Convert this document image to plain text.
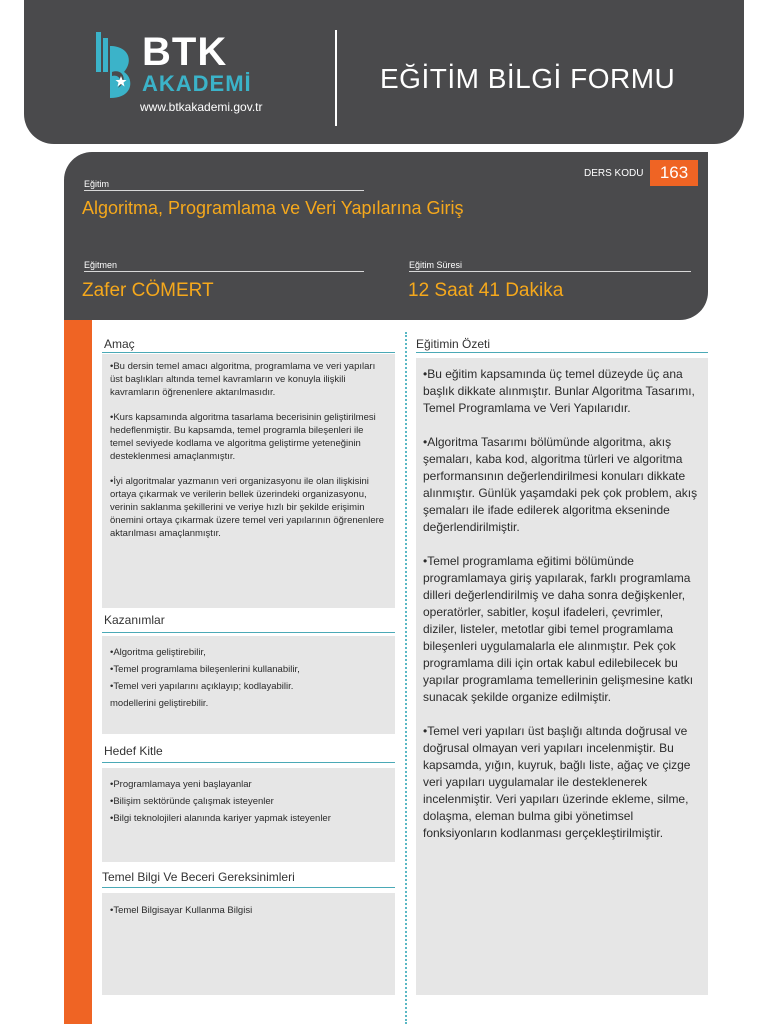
BTK
AKADEMİ
www.btkakademi.gov.tr
EĞİTİM BİLGİ FORMU
DERS KODU 163
Eğitim
Algoritma, Programlama ve Veri Yapılarına Giriş
Eğitmen
Zafer CÖMERT
Eğitim Süresi
12 Saat 41 Dakika
Amaç

•Bu dersin temel amacı algoritma, programlama ve veri yapıları üst başlıkları altında temel kavramların ve konuyla ilişkili kavramların öğrenenlere aktarılmasıdır.

•Kurs kapsamında algoritma tasarlama becerisinin geliştirilmesi hedeflenmiştir. Bu kapsamda, temel programla bileşenleri ile temel seviyede kodlama ve algoritma geliştirme yeteneğinin desteklenmesi amaçlanmıştır.

•İyi algoritmalar yazmanın veri organizasyonu ile olan ilişkisini ortaya çıkarmak ve verilerin bellek üzerindeki organizasyonu, verinin saklanma şekillerini ve veriye hızlı bir şekilde erişimin önemini ortaya çıkarmak üzere temel veri yapılarının öğrenenlere aktarılması amaçlanmıştır.

Kazanımlar

•Algoritma geliştirebilir,

•Temel programlama bileşenlerini kullanabilir,

•Temel veri yapılarını açıklayıp; kodlayabilir.

modellerini geliştirebilir.

Hedef Kitle

•Programlamaya yeni başlayanlar

•Bilişim sektöründe çalışmak isteyenler

•Bilgi teknolojileri alanında kariyer yapmak isteyenler

Temel Bilgi Ve Beceri Gereksinimleri

•Temel Bilgisayar Kullanma Bilgisi

Eğitimin Özeti

•Bu eğitim kapsamında üç temel düzeyde üç ana başlık dikkate alınmıştır. Bunlar Algoritma Tasarımı, Temel Programlama ve Veri Yapılarıdır.

•Algoritma Tasarımı bölümünde algoritma, akış şemaları, kaba kod, algoritma türleri ve algoritma performansının değerlendirilmesi konuları dikkate alınmıştır. Günlük yaşamdaki pek çok problem, akış şemaları ile ifade edilerek algoritma ekseninde değerlendirilmiştir.

•Temel programlama eğitimi bölümünde programlamaya giriş yapılarak, farklı programlama dilleri değerlendirilmiş ve daha sonra değişkenler, operatörler, sabitler, koşul ifadeleri, çevrimler, diziler, listeler, metotlar gibi temel programlama bileşenleri uygulamalarla ele alınmıştır. Pek çok programlama dili için ortak kabul edilebilecek bu yapılar programlama temellerinin gelişmesine katkı sunacak şekilde organize edilmiştir.

•Temel veri yapıları üst başlığı altında doğrusal ve doğrusal olmayan veri yapıları incelenmiştir. Bu kapsamda, yığın, kuyruk, bağlı liste, ağaç ve çizge veri yapıları uygulamalar ile desteklenerek incelenmiştir. Veri yapıları üzerinde ekleme, silme, dolaşma, eleman bulma gibi yönetimsel fonksiyonların kodlanması gerçekleştirilmiştir.
